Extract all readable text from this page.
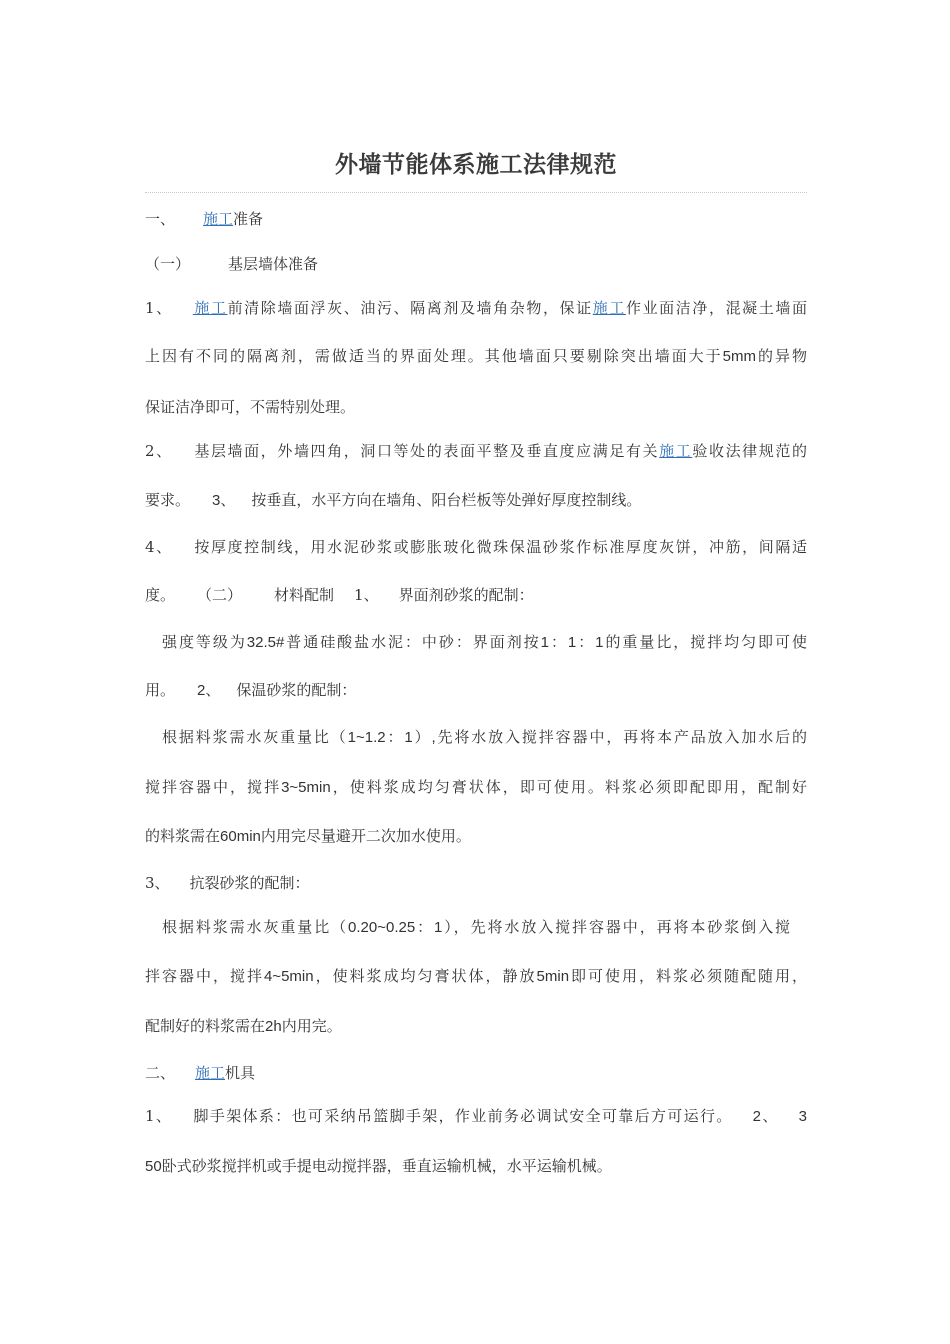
外墙节能体系施工法律规范
一、 施工准备
（一）	基层墙体准备
1、 施工前清除墙面浮灰、油污、隔离剂及墙角杂物，保证施工作业面洁净，混凝土墙面
上因有不同的隔离剂，需做适当的界面处理。其他墙面只要剔除突出墙面大于5mm的异物
保证洁净即可，不需特别处理。
2、 基层墙面，外墙四角，洞口等处的表面平整及垂直度应满足有关施工验收法律规范的
要求。 3、 按垂直，水平方向在墙角、阳台栏板等处弹好厚度控制线。
4、 按厚度控制线，用水泥砂浆或膨胀玻化微珠保温砂浆作标准厚度灰饼，冲筋，间隔适
度。 （二） 材料配制 1、 界面剂砂浆的配制：
强度等级为32.5#普通硅酸盐水泥：中砂：界面剂按1：1：1的重量比，搅拌均匀即可使
用。 2、 保温砂浆的配制：
根据料浆需水灰重量比（1~1.2：1）,先将水放入搅拌容器中，再将本产品放入加水后的
搅拌容器中，搅拌3~5min，使料浆成均匀膏状体，即可使用。料浆必须即配即用，配制好
的料浆需在60min内用完尽量避开二次加水使用。
3、 抗裂砂浆的配制：
根据料浆需水灰重量比（0.20~0.25：1），先将水放入搅拌容器中，再将本砂浆倒入搅
拌容器中，搅拌4~5min，使料浆成均匀膏状体，静放5min即可使用，料浆必须随配随用，
配制好的料浆需在2h内用完。
二、 施工机具
1、 脚手架体系：也可采纳吊篮脚手架，作业前务必调试安全可靠后方可运行。 2、 3
50卧式砂浆搅拌机或手提电动搅拌器，垂直运输机械，水平运输机械。
